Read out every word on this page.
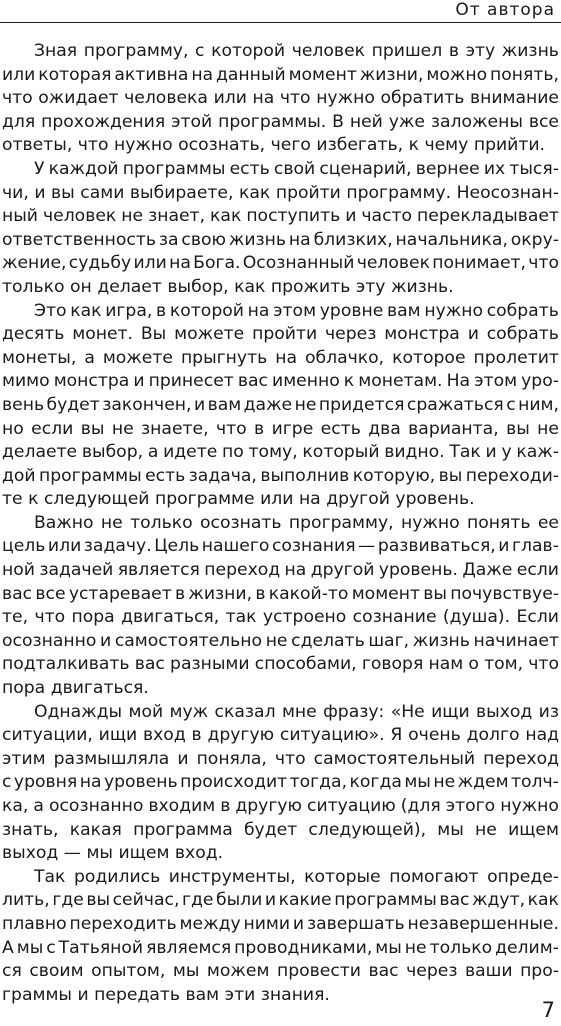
От автора
Зная программу, с которой человек пришел в эту жизнь
или которая активна на данный момент жизни, можно понять,
что ожидает человека или на что нужно обратить внимание
для прохождения этой программы. В ней уже заложены все
ответы, что нужно осознать, чего избегать, к чему прийти.
У каждой программы есть свой сценарий, вернее их тыся-
чи, и вы сами выбираете, как пройти программу. Неосознан-
ный человек не знает, как поступить и часто перекладывает
ответственность за свою жизнь на близких, начальника, окру-
жение, судьбу или на Бога. Осознанный человек понимает, что
только он делает выбор, как прожить эту жизнь.
Это как игра, в которой на этом уровне вам нужно собрать
десять монет. Вы можете пройти через монстра и собрать
монеты, а можете прыгнуть на облачко, которое пролетит
мимо монстра и принесет вас именно к монетам. На этом уро-
вень будет закончен, и вам даже не придется сражаться с ним,
но если вы не знаете, что в игре есть два варианта, вы не
делаете выбор, а идете по тому, который видно. Так и у каж-
дой программы есть задача, выполнив которую, вы переходи-
те к следующей программе или на другой уровень.
Важно не только осознать программу, нужно понять ее
цель или задачу. Цель нашего сознания — развиваться, и глав-
ной задачей является переход на другой уровень. Даже если
вас все устаревает в жизни, в какой-то момент вы почувствуе-
те, что пора двигаться, так устроено сознание (душа). Если
осознанно и самостоятельно не сделать шаг, жизнь начинает
подталкивать вас разными способами, говоря нам о том, что
пора двигаться.
Однажды мой муж сказал мне фразу: «Не ищи выход из
ситуации, ищи вход в другую ситуацию». Я очень долго над
этим размышляла и поняла, что самостоятельный переход
с уровня на уровень происходит тогда, когда мы не ждем толч-
ка, а осознанно входим в другую ситуацию (для этого нужно
знать, какая программа будет следующей), мы не ищем
выход — мы ищем вход.
Так родились инструменты, которые помогают опреде-
лить, где вы сейчас, где были и какие программы вас ждут, как
плавно переходить между ними и завершать незавершенные.
А мы с Татьяной являемся проводниками, мы не только делим-
ся своим опытом, мы можем провести вас через ваши про-
граммы и передать вам эти знания.
7
